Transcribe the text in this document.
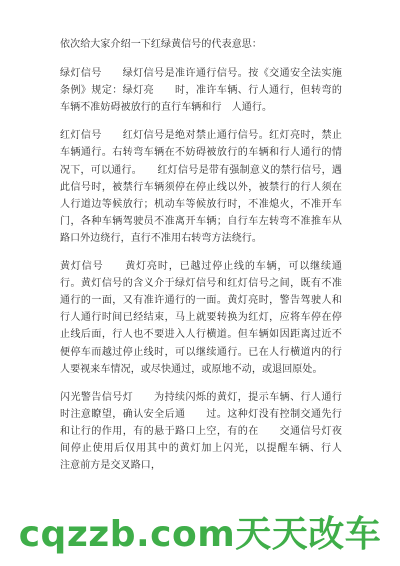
依次给大家介绍一下红绿黄信号的代表意思：

绿灯信号　　绿灯信号是准许通行信号。按《交通安全法实施条例》规定：绿灯亮　　时，准许车辆、行人通行，但转弯的车辆不准妨碍被放行的直行车辆和行　人通行。

红灯信号　　红灯信号是绝对禁止通行信号。红灯亮时，禁止车辆通行。右转弯车辆在不妨碍被放行的车辆和行人通行的情况下，可以通行。　　红灯信号是带有强制意义的禁行信号，遇此信号时，被禁行车辆须停在停止线以外，被禁行的行人须在人行道边等候放行；机动车等候放行时，不准熄火，不准开车门，各种车辆驾驶员不准离开车辆；自行车左转弯不准推车从路口外边绕行，直行不准用右转弯方法绕行。

黄灯信号　　黄灯亮时，已越过停止线的车辆，可以继续通行。黄灯信号的含义介于绿灯信号和红灯信号之间，既有不准通行的一面，又有准许通行的一面。黄灯亮时，警告驾驶人和行人通行时间已经结束，马上就要转换为红灯，应将车停在停止线后面，行人也不要进入人行横道。但车辆如因距离过近不便停车而越过停止线时，可以继续通行。已在人行横道内的行人要视来车情况，或尽快通过，或原地不动，或退回原处。

闪光警告信号灯　　为持续闪烁的黄灯，提示车辆、行人通行时注意瞭望，确认安全后通　　过。这种灯没有控制交通先行和让行的作用，有的悬于路口上空，有的在　　交通信号灯夜间停止使用后仅用其中的黄灯加上闪光，以提醒车辆、行人　　注意前方是交叉路口，

cqzzb.com天天改车
